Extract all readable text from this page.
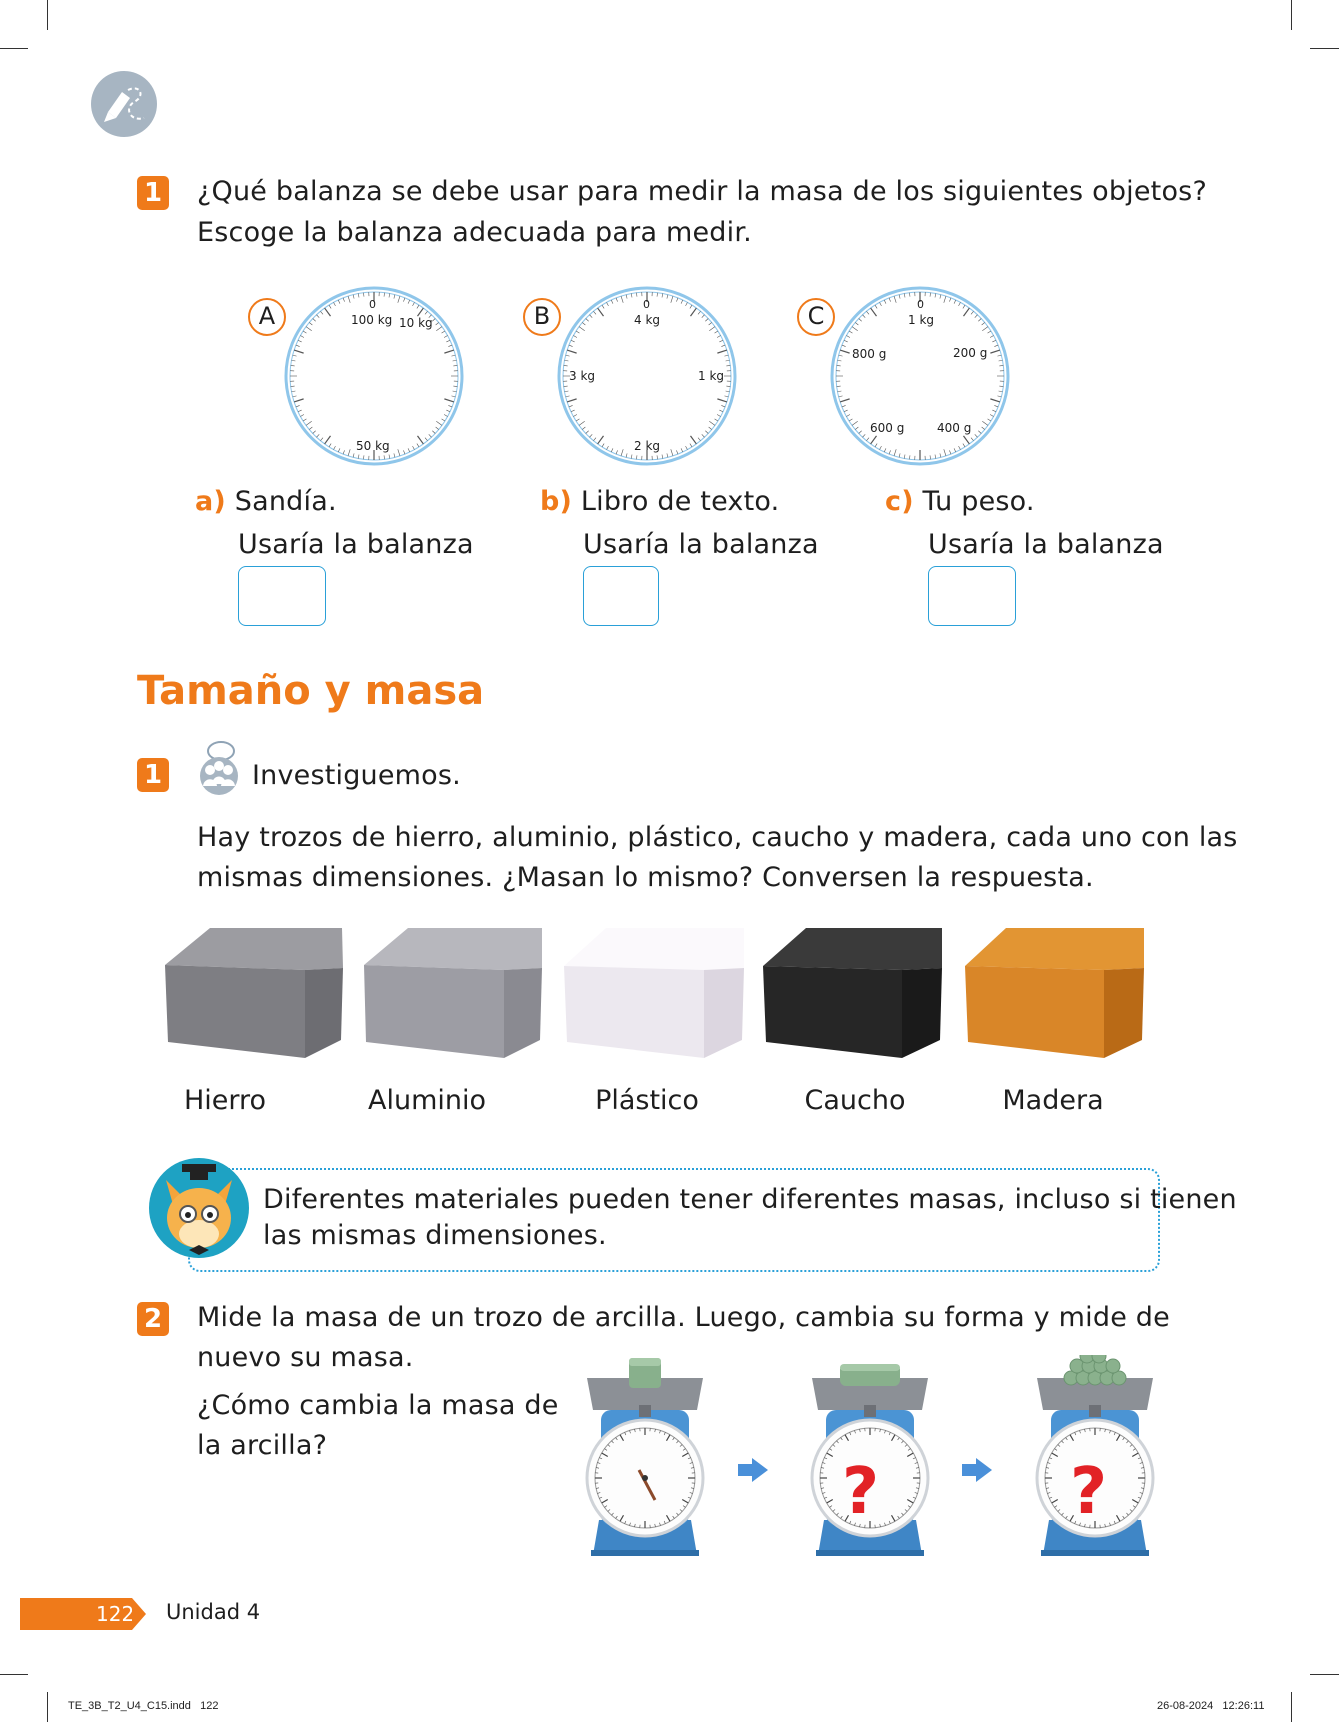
1 ¿Qué balanza se debe usar para medir la masa de los siguientes objetos?
Escoge la balanza adecuada para medir.
A	B	C
0
100 kg 10 kg
50 kg
0
4 kg
1 kg
3 kg
2 kg
0
1 kg
200 g
800 g
400 g
600 g
a) Sandía.
Usaría la balanza
b) Libro de texto.
Usaría la balanza
c) Tu peso.
Usaría la balanza
Tamaño y masa
1	Investiguemos.
Hay trozos de hierro, aluminio, plástico, caucho y madera, cada uno con las
mismas dimensiones. ¿Masan lo mismo? Conversen la respuesta.
Hierro	Aluminio	Plástico	Caucho	Madera
Diferentes materiales pueden tener diferentes masas, incluso si tienen
las mismas dimensiones.
2 Mide la masa de un trozo de arcilla. Luego, cambia su forma y mide de
nuevo su masa.
¿Cómo cambia la masa de
la arcilla?
?	?
122 Unidad 4
TE_3B_T2_U4_C15.indd   122	26-08-2024   12:26:11
